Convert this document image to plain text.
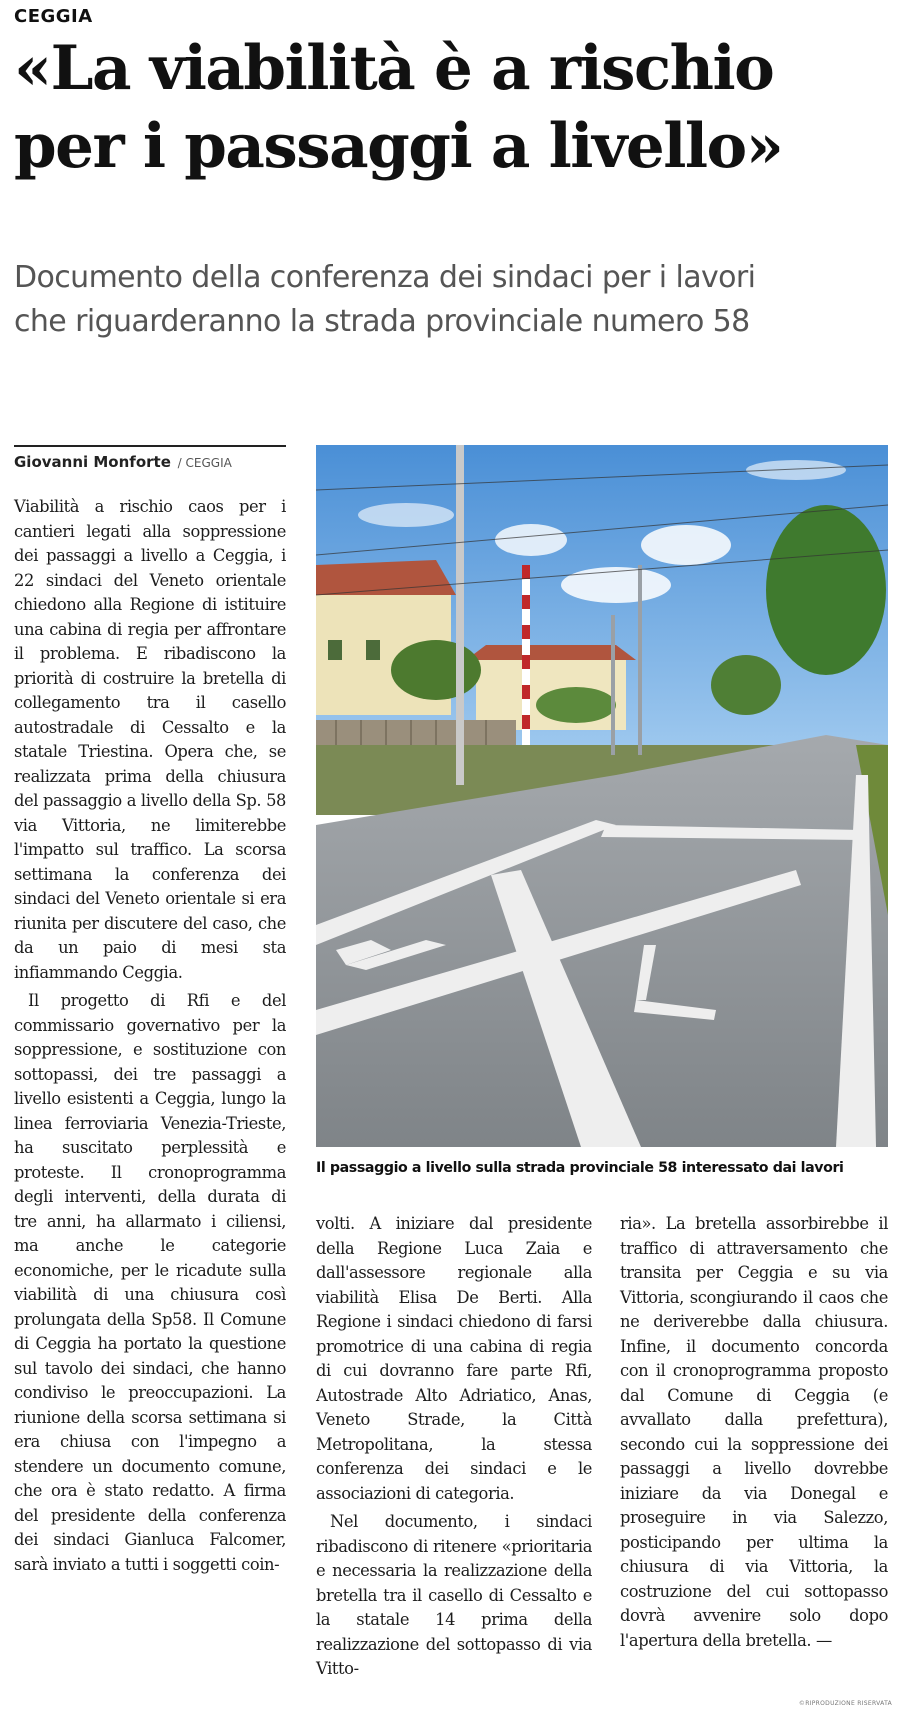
CEGGIA
«La viabilità è a rischio
per i passaggi a livello»
Documento della conferenza dei sindaci per i lavori
che riguarderanno la strada provinciale numero 58
Giovanni Monforte / CEGGIA

Viabilità a rischio caos per i cantieri legati alla soppressione dei passaggi a livello a Ceggia, i 22 sindaci del Veneto orientale chiedono alla Regione di istituire una cabina di regia per affrontare il problema. E ribadiscono la priorità di costruire la bretella di collegamento tra il casello autostradale di Cessalto e la statale Triestina. Opera che, se realizzata prima della chiusura del passaggio a livello della Sp. 58 via Vittoria, ne limiterebbe l'impatto sul traffico. La scorsa settimana la conferenza dei sindaci del Veneto orientale si era riunita per discutere del caso, che da un paio di mesi sta infiammando Ceggia.

Il progetto di Rfi e del commissario governativo per la soppressione, e sostituzione con sottopassi, dei tre passaggi a livello esistenti a Ceggia, lungo la linea ferroviaria Venezia-Trieste, ha suscitato perplessità e proteste. Il cronoprogramma degli interventi, della durata di tre anni, ha allarmato i ciliensi, ma anche le categorie economiche, per le ricadute sulla viabilità di una chiusura così prolungata della Sp58. Il Comune di Ceggia ha portato la questione sul tavolo dei sindaci, che hanno condiviso le preoccupazioni. La riunione della scorsa settimana si era chiusa con l'impegno a stendere un documento comune, che ora è stato redatto. A firma del presidente della conferenza dei sindaci Gianluca Falcomer, sarà inviato a tutti i soggetti coin-

Il passaggio a livello sulla strada provinciale 58 interessato dai lavori

volti. A iniziare dal presidente della Regione Luca Zaia e dall'assessore regionale alla viabilità Elisa De Berti. Alla Regione i sindaci chiedono di farsi promotrice di una cabina di regia di cui dovranno fare parte Rfi, Autostrade Alto Adriatico, Anas, Veneto Strade, la Città Metropolitana, la stessa conferenza dei sindaci e le associazioni di categoria.

Nel documento, i sindaci ribadiscono di ritenere «prioritaria e necessaria la realizzazione della bretella tra il casello di Cessalto e la statale 14 prima della realizzazione del sottopasso di via Vitto-

ria». La bretella assorbirebbe il traffico di attraversamento che transita per Ceggia e su via Vittoria, scongiurando il caos che ne deriverebbe dalla chiusura. Infine, il documento concorda con il cronoprogramma proposto dal Comune di Ceggia (e avvallato dalla prefettura), secondo cui la soppressione dei passaggi a livello dovrebbe iniziare da via Donegal e proseguire in via Salezzo, posticipando per ultima la chiusura di via Vittoria, la costruzione del cui sottopasso dovrà avvenire solo dopo l'apertura della bretella. —

©RIPRODUZIONE RISERVATA
